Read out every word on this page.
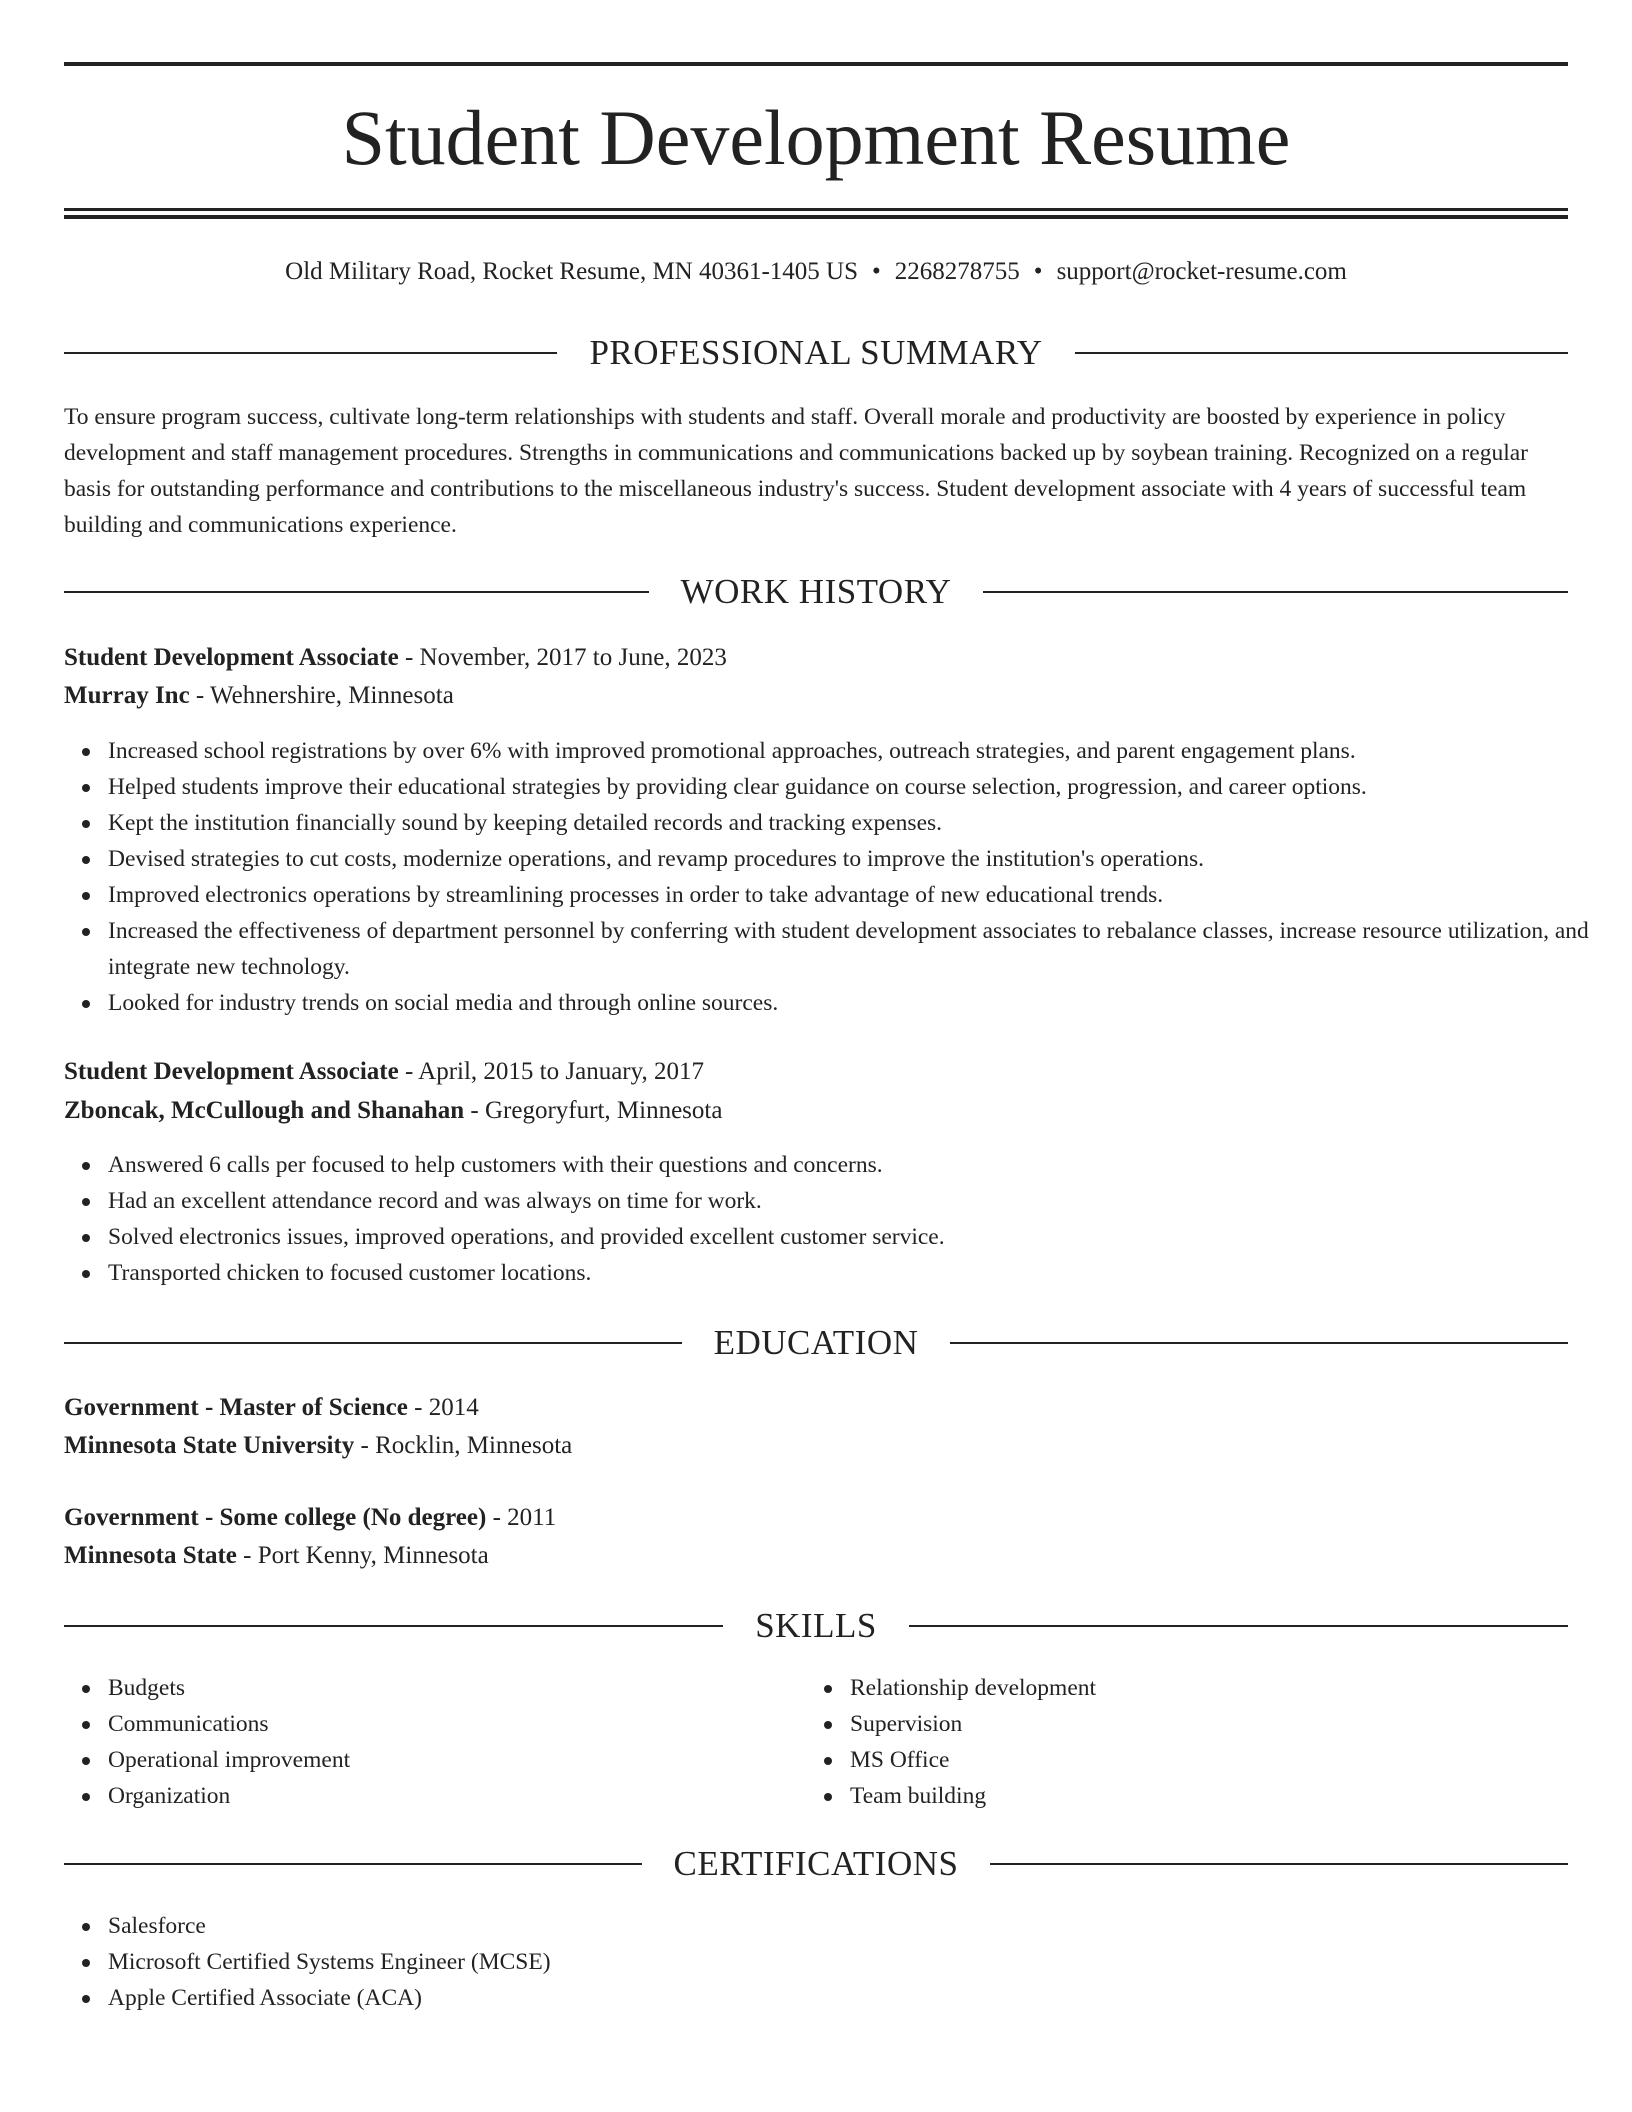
Student Development Resume
Old Military Road, Rocket Resume, MN 40361-1405 US • 2268278755 • support@rocket-resume.com
PROFESSIONAL SUMMARY
To ensure program success, cultivate long-term relationships with students and staff. Overall morale and productivity are boosted by experience in policy development and staff management procedures. Strengths in communications and communications backed up by soybean training. Recognized on a regular basis for outstanding performance and contributions to the miscellaneous industry's success. Student development associate with 4 years of successful team building and communications experience.
WORK HISTORY
Student Development Associate - November, 2017 to June, 2023
Murray Inc - Wehnershire, Minnesota
Increased school registrations by over 6% with improved promotional approaches, outreach strategies, and parent engagement plans.
Helped students improve their educational strategies by providing clear guidance on course selection, progression, and career options.
Kept the institution financially sound by keeping detailed records and tracking expenses.
Devised strategies to cut costs, modernize operations, and revamp procedures to improve the institution's operations.
Improved electronics operations by streamlining processes in order to take advantage of new educational trends.
Increased the effectiveness of department personnel by conferring with student development associates to rebalance classes, increase resource utilization, and integrate new technology.
Looked for industry trends on social media and through online sources.
Student Development Associate - April, 2015 to January, 2017
Zboncak, McCullough and Shanahan - Gregoryfurt, Minnesota
Answered 6 calls per focused to help customers with their questions and concerns.
Had an excellent attendance record and was always on time for work.
Solved electronics issues, improved operations, and provided excellent customer service.
Transported chicken to focused customer locations.
EDUCATION
Government - Master of Science - 2014
Minnesota State University - Rocklin, Minnesota
Government - Some college (No degree) - 2011
Minnesota State - Port Kenny, Minnesota
SKILLS
Budgets
Communications
Operational improvement
Organization
Relationship development
Supervision
MS Office
Team building
CERTIFICATIONS
Salesforce
Microsoft Certified Systems Engineer (MCSE)
Apple Certified Associate (ACA)
